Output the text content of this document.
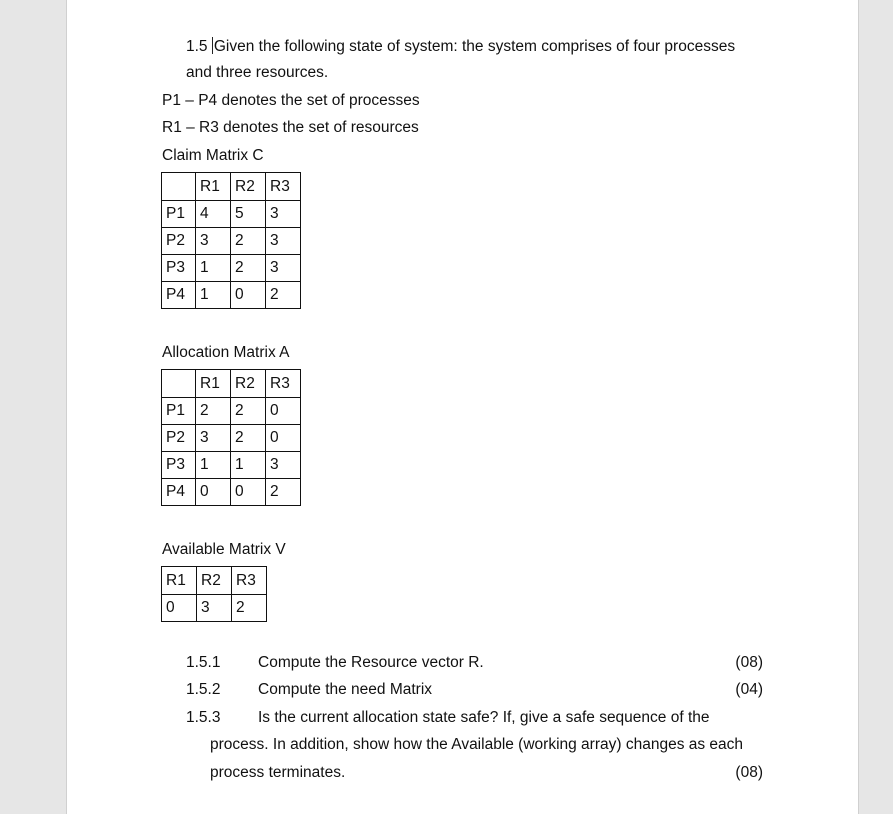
1.5 Given the following state of system: the system comprises of four processes
and three resources.
P1 – P4 denotes the set of processes
R1 – R3 denotes the set of resources
Claim Matrix C
	R1	R2	R3
P1	4	5	3
P2	3	2	3
P3	1	2	3
P4	1	0	2
Allocation Matrix A
	R1	R2	R3
P1	2	2	0
P2	3	2	0
P3	1	1	3
P4	0	0	2
Available Matrix V
R1	R2	R3
0	3	2
1.5.1 Compute the Resource vector R.	(08)
1.5.2 Compute the need Matrix	(04)
1.5.3 Is the current allocation state safe? If, give a safe sequence of the
process. In addition, show how the Available (working array) changes as each
process terminates.	(08)
